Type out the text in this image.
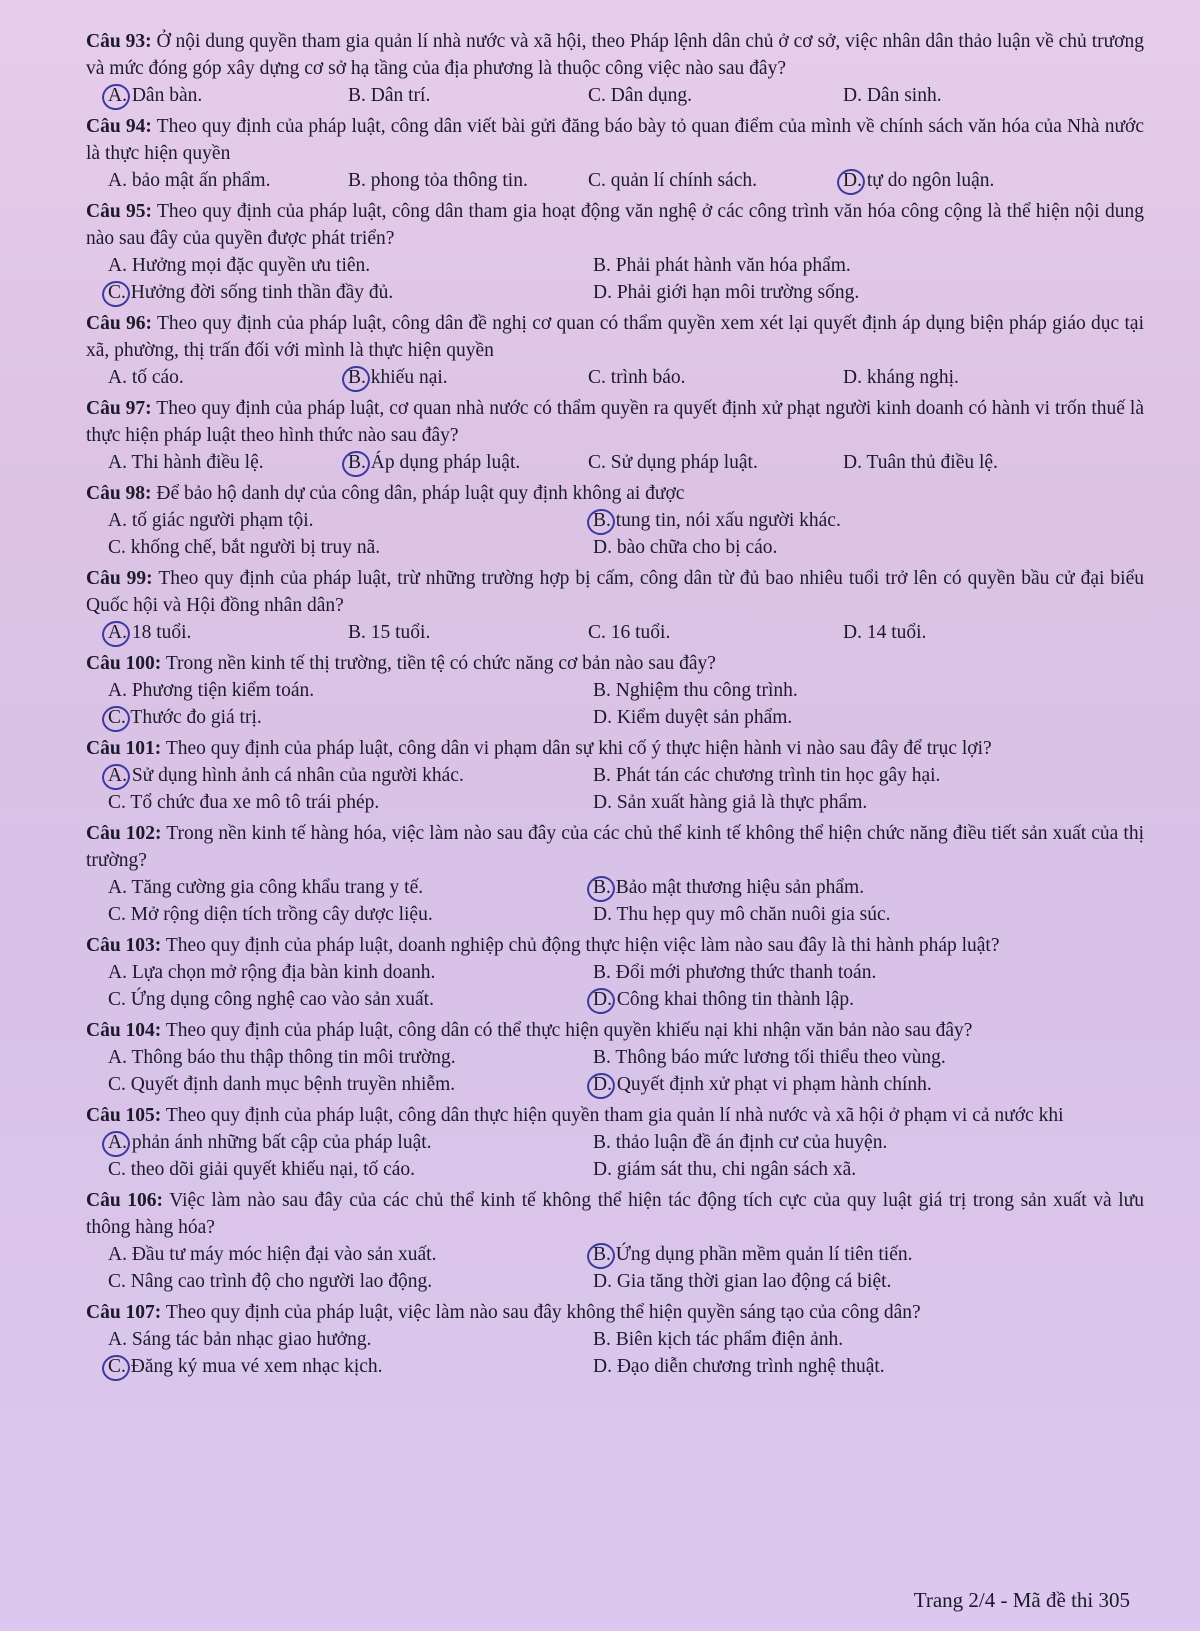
Câu 93: Ở nội dung quyền tham gia quản lí nhà nước và xã hội, theo Pháp lệnh dân chủ ở cơ sở, việc nhân dân thảo luận về chủ trương và mức đóng góp xây dựng cơ sở hạ tầng của địa phương là thuộc công việc nào sau đây?
A. Dân bàn.	B. Dân trí.	C. Dân dụng.	D. Dân sinh.
Câu 94: Theo quy định của pháp luật, công dân viết bài gửi đăng báo bày tỏ quan điểm của mình về chính sách văn hóa của Nhà nước là thực hiện quyền
A. bảo mật ấn phẩm.	B. phong tỏa thông tin.	C. quản lí chính sách.	D. tự do ngôn luận.
Câu 95: Theo quy định của pháp luật, công dân tham gia hoạt động văn nghệ ở các công trình văn hóa công cộng là thể hiện nội dung nào sau đây của quyền được phát triển?
A. Hưởng mọi đặc quyền ưu tiên.	B. Phải phát hành văn hóa phẩm.
C. Hưởng đời sống tinh thần đầy đủ.	D. Phải giới hạn môi trường sống.
Câu 96: Theo quy định của pháp luật, công dân đề nghị cơ quan có thẩm quyền xem xét lại quyết định áp dụng biện pháp giáo dục tại xã, phường, thị trấn đối với mình là thực hiện quyền
A. tố cáo.	B. khiếu nại.	C. trình báo.	D. kháng nghị.
Câu 97: Theo quy định của pháp luật, cơ quan nhà nước có thẩm quyền ra quyết định xử phạt người kinh doanh có hành vi trốn thuế là thực hiện pháp luật theo hình thức nào sau đây?
A. Thi hành điều lệ.	B. Áp dụng pháp luật.	C. Sử dụng pháp luật.	D. Tuân thủ điều lệ.
Câu 98: Để bảo hộ danh dự của công dân, pháp luật quy định không ai được
A. tố giác người phạm tội.	B. tung tin, nói xấu người khác.
C. khống chế, bắt người bị truy nã.	D. bào chữa cho bị cáo.
Câu 99: Theo quy định của pháp luật, trừ những trường hợp bị cấm, công dân từ đủ bao nhiêu tuổi trở lên có quyền bầu cử đại biểu Quốc hội và Hội đồng nhân dân?
A. 18 tuổi.	B. 15 tuổi.	C. 16 tuổi.	D. 14 tuổi.
Câu 100: Trong nền kinh tế thị trường, tiền tệ có chức năng cơ bản nào sau đây?
A. Phương tiện kiểm toán.	B. Nghiệm thu công trình.
C. Thước đo giá trị.	D. Kiểm duyệt sản phẩm.
Câu 101: Theo quy định của pháp luật, công dân vi phạm dân sự khi cố ý thực hiện hành vi nào sau đây để trục lợi?
A. Sử dụng hình ảnh cá nhân của người khác.	B. Phát tán các chương trình tin học gây hại.
C. Tổ chức đua xe mô tô trái phép.	D. Sản xuất hàng giả là thực phẩm.
Câu 102: Trong nền kinh tế hàng hóa, việc làm nào sau đây của các chủ thể kinh tế không thể hiện chức năng điều tiết sản xuất của thị trường?
A. Tăng cường gia công khẩu trang y tế.	B. Bảo mật thương hiệu sản phẩm.
C. Mở rộng diện tích trồng cây dược liệu.	D. Thu hẹp quy mô chăn nuôi gia súc.
Câu 103: Theo quy định của pháp luật, doanh nghiệp chủ động thực hiện việc làm nào sau đây là thi hành pháp luật?
A. Lựa chọn mở rộng địa bàn kinh doanh.	B. Đổi mới phương thức thanh toán.
C. Ứng dụng công nghệ cao vào sản xuất.	D. Công khai thông tin thành lập.
Câu 104: Theo quy định của pháp luật, công dân có thể thực hiện quyền khiếu nại khi nhận văn bản nào sau đây?
A. Thông báo thu thập thông tin môi trường.	B. Thông báo mức lương tối thiểu theo vùng.
C. Quyết định danh mục bệnh truyền nhiễm.	D. Quyết định xử phạt vi phạm hành chính.
Câu 105: Theo quy định của pháp luật, công dân thực hiện quyền tham gia quản lí nhà nước và xã hội ở phạm vi cả nước khi
A. phản ánh những bất cập của pháp luật.	B. thảo luận đề án định cư của huyện.
C. theo dõi giải quyết khiếu nại, tố cáo.	D. giám sát thu, chi ngân sách xã.
Câu 106: Việc làm nào sau đây của các chủ thể kinh tế không thể hiện tác động tích cực của quy luật giá trị trong sản xuất và lưu thông hàng hóa?
A. Đầu tư máy móc hiện đại vào sản xuất.	B. Ứng dụng phần mềm quản lí tiên tiến.
C. Nâng cao trình độ cho người lao động.	D. Gia tăng thời gian lao động cá biệt.
Câu 107: Theo quy định của pháp luật, việc làm nào sau đây không thể hiện quyền sáng tạo của công dân?
A. Sáng tác bản nhạc giao hưởng.	B. Biên kịch tác phẩm điện ảnh.
C. Đăng ký mua vé xem nhạc kịch.	D. Đạo diễn chương trình nghệ thuật.
Trang 2/4 - Mã đề thi 305
